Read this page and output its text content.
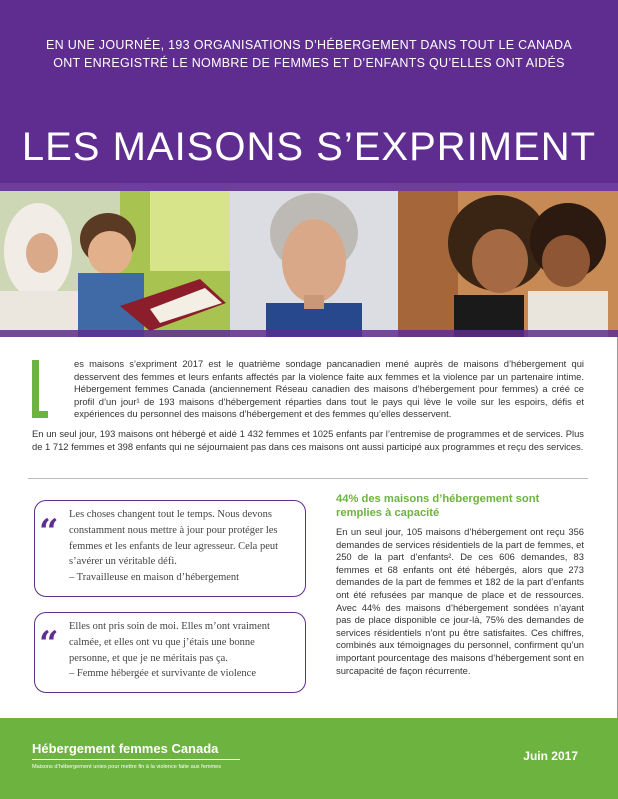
EN UNE JOURNÉE, 193 ORGANISATIONS D’HÉBERGEMENT DANS TOUT LE CANADA
ONT ENREGISTRÉ LE NOMBRE DE FEMMES ET D’ENFANTS QU’ELLES ONT AIDÉS
LES MAISONS S’EXPRIMENT

es maisons s’expriment 2017 est le quatrième sondage pancanadien mené auprès de maisons d’hébergement qui desservent des femmes et leurs enfants affectés par la violence faite aux femmes et la violence par un partenaire intime. Hébergement femmes Canada (anciennement Réseau canadien des maisons d’hébergement pour femmes) a créé ce profil d’un jour¹ de 193 maisons d’hébergement réparties dans tout le pays qui lève le voile sur les espoirs, défis et expériences du personnel des maisons d’hébergement et des femmes qu’elles desservent.

En un seul jour, 193 maisons ont hébergé et aidé 1 432 femmes et 1025 enfants par l’entremise de programmes et de services. Plus de 1 712 femmes et 398 enfants qui ne séjournaient pas dans ces maisons ont aussi participé aux programmes et reçu des services.

“ Les choses changent tout le temps. Nous devons constamment nous mettre à jour pour protéger les femmes et les enfants de leur agresseur. Cela peut s’avérer un véritable défi.
– Travailleuse en maison d’hébergement
“ Elles ont pris soin de moi. Elles m’ont vraiment calmée, et elles ont vu que j’étais une bonne personne, et que je ne méritais pas ça.
– Femme hébergée et survivante de violence
44% des maisons d’hébergement sont remplies à capacité

En un seul jour, 105 maisons d’hébergement ont reçu 356 demandes de services résidentiels de la part de femmes, et 250 de la part d’enfants². De ces 606 demandes, 83 femmes et 68 enfants ont été hébergés, alors que 273 demandes de la part de femmes et 182 de la part d’enfants ont été refusées par manque de place et de ressources. Avec 44% des maisons d’hébergement sondées n’ayant pas de place disponible ce jour-là, 75% des demandes de services résidentiels n’ont pu être satisfaites. Ces chiffres, combinés aux témoignages du personnel, confirment qu’un important pourcentage des maisons d’hébergement sont en surcapacité de façon récurrente.

Hébergement femmes Canada
Maisons d’hébergement unies pour mettre fin à la violence faite aux femmes
Juin 2017
